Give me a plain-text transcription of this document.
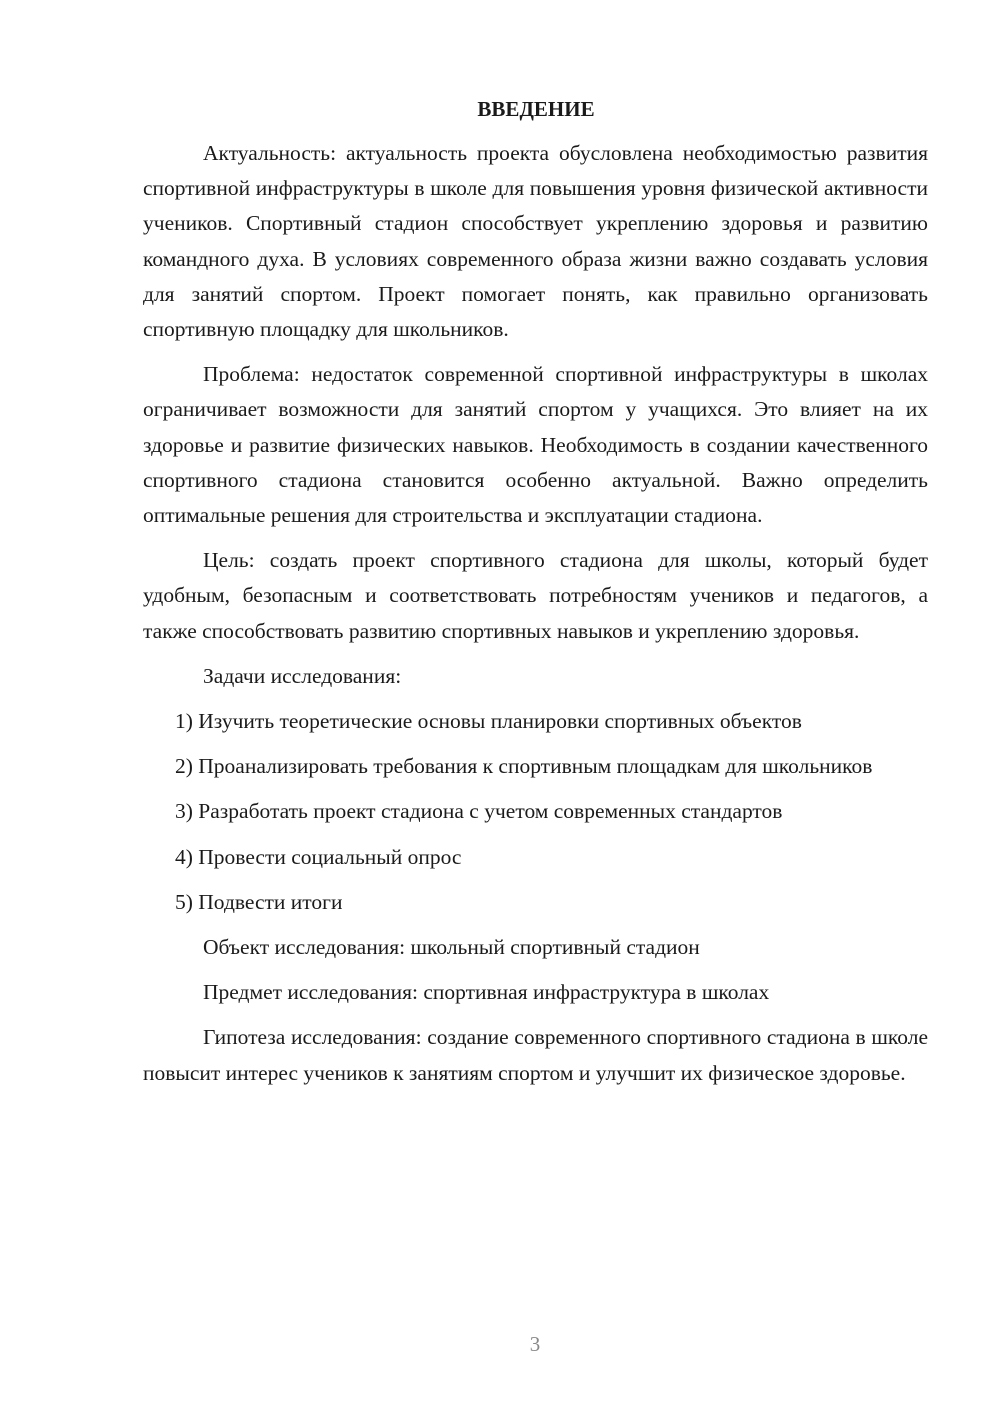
ВВЕДЕНИЕ

Актуальность: актуальность проекта обусловлена необходимостью развития спортивной инфраструктуры в школе для повышения уровня физической активности учеников. Спортивный стадион способствует укреплению здоровья и развитию командного духа. В условиях современного образа жизни важно создавать условия для занятий спортом. Проект помогает понять, как правильно организовать спортивную площадку для школьников.

Проблема: недостаток современной спортивной инфраструктуры в школах ограничивает возможности для занятий спортом у учащихся. Это влияет на их здоровье и развитие физических навыков. Необходимость в создании качественного спортивного стадиона становится особенно актуальной. Важно определить оптимальные решения для строительства и эксплуатации стадиона.

Цель: создать проект спортивного стадиона для школы, который будет удобным, безопасным и соответствовать потребностям учеников и педагогов, а также способствовать развитию спортивных навыков и укреплению здоровья.

Задачи исследования:

1) Изучить теоретические основы планировки спортивных объектов

2) Проанализировать требования к спортивным площадкам для школьников

3) Разработать проект стадиона с учетом современных стандартов

4) Провести социальный опрос

5) Подвести итоги

Объект исследования: школьный спортивный стадион

Предмет исследования: спортивная инфраструктура в школах

Гипотеза исследования: создание современного спортивного стадиона в школе повысит интерес учеников к занятиям спортом и улучшит их физическое здоровье.

3
